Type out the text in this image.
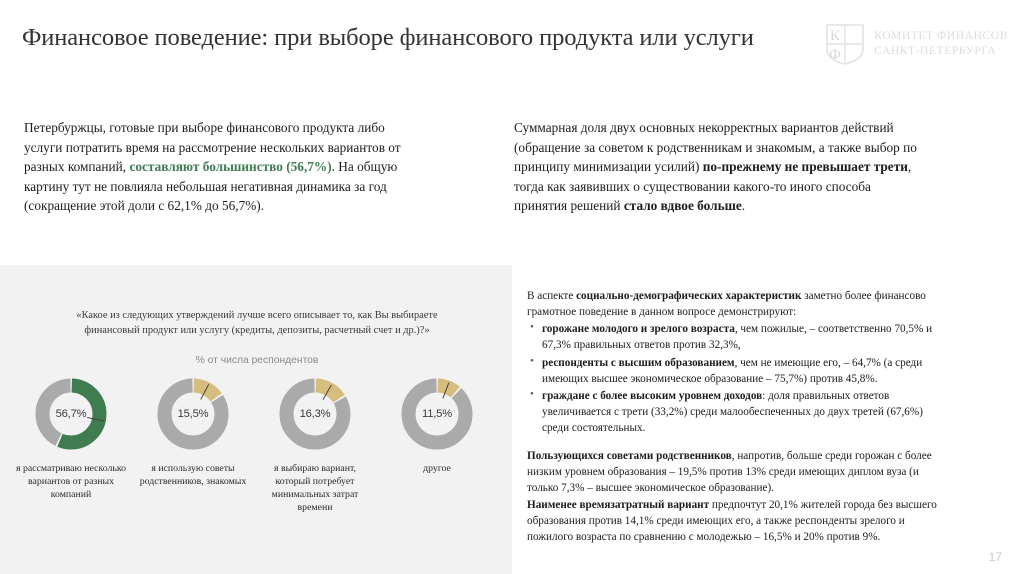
Финансовое поведение: при выборе финансового продукта или услуги	К
Ф
КОМИТЕТ ФИНАНСОВ
САНКТ-ПЕТЕРБУРГА
Петербуржцы, готовые при выборе финансового продукта либо услуги потратить время на рассмотрение нескольких вариантов от разных компаний, составляют большинство (56,7%). На общую картину тут не повлияла небольшая негативная динамика за год (сокращение этой доли с 62,1% до 56,7%).
Суммарная доля двух основных некорректных вариантов действий (обращение за советом к родственникам и знакомым, а также выбор по принципу минимизации усилий) по-прежнему не превышает трети, тогда как заявивших о существовании какого-то иного способа принятия решений стало вдвое больше.
«Какое из следующих утверждений лучше всего описывает то, как Вы выбираете финансовый продукт или услугу (кредиты, депозиты, расчетный счет и др.)?»
% от числа респондентов
56,7%
я рассматриваю несколько вариантов от разных компаний
15,5%
я использую советы родственников, знакомых
16,3%
я выбираю вариант, который потребует минимальных затрат времени
11,5%
другое

В аспекте социально-демографических характеристик заметно более финансово грамотное поведение в данном вопросе демонстрируют:

• горожане молодого и зрелого возраста, чем пожилые, – соответственно 70,5% и 67,3% правильных ответов против 32,3%,
• респонденты с высшим образованием, чем не имеющие его, – 64,7% (а среди имеющих высшее экономическое образование – 75,7%) против 45,8%.
• граждане с более высоким уровнем доходов: доля правильных ответов увеличивается с трети (33,2%) среди малообеспеченных до двух третей (67,6%) среди состоятельных.

Пользующихся советами родственников, напротив, больше среди горожан с более низким уровнем образования – 19,5% против 13% среди имеющих диплом вуза (и только 7,3% – высшее экономическое образование).

Наименее времязатратный вариант предпочтут 20,1% жителей города без высшего образования против 14,1% среди имеющих его, а также респонденты зрелого и пожилого возраста по сравнению с молодежью – 16,5% и 20% против 9%.

17
